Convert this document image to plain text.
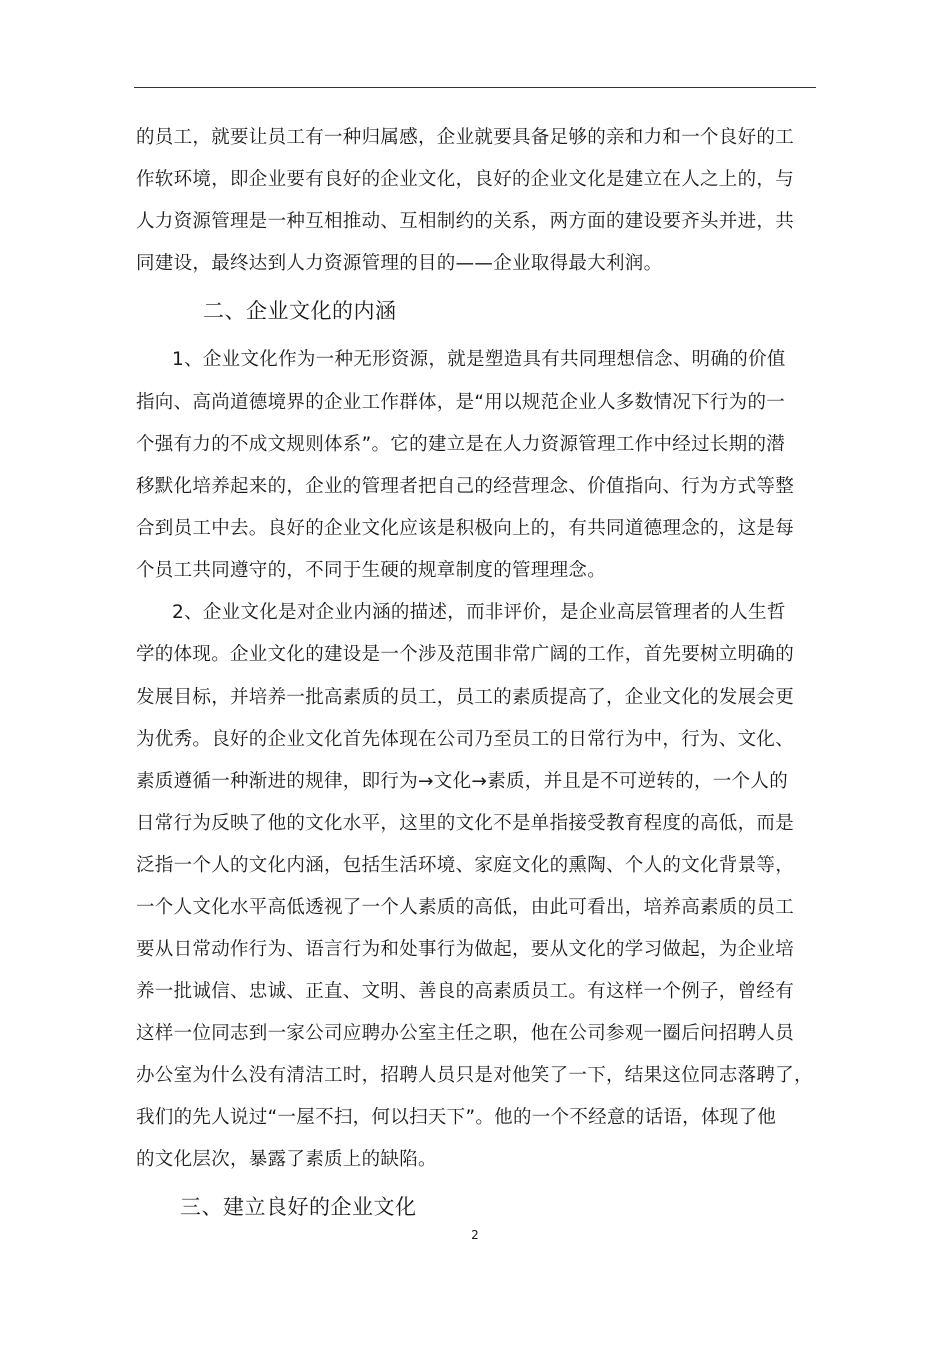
的员工，就要让员工有一种归属感，企业就要具备足够的亲和力和一个良好的工
作软环境，即企业要有良好的企业文化，良好的企业文化是建立在人之上的，与
人力资源管理是一种互相推动、互相制约的关系，两方面的建设要齐头并进，共
同建设，最终达到人力资源管理的目的——企业取得最大利润。
二、企业文化的内涵
1、企业文化作为一种无形资源，就是塑造具有共同理想信念、明确的价值
指向、高尚道德境界的企业工作群体，是“用以规范企业人多数情况下行为的一
个强有力的不成文规则体系”。它的建立是在人力资源管理工作中经过长期的潜
移默化培养起来的，企业的管理者把自己的经营理念、价值指向、行为方式等整
合到员工中去。良好的企业文化应该是积极向上的，有共同道德理念的，这是每
个员工共同遵守的，不同于生硬的规章制度的管理理念。
2、企业文化是对企业内涵的描述，而非评价，是企业高层管理者的人生哲
学的体现。企业文化的建设是一个涉及范围非常广阔的工作，首先要树立明确的
发展目标，并培养一批高素质的员工，员工的素质提高了，企业文化的发展会更
为优秀。良好的企业文化首先体现在公司乃至员工的日常行为中，行为、文化、
素质遵循一种渐进的规律，即行为→文化→素质，并且是不可逆转的，一个人的
日常行为反映了他的文化水平，这里的文化不是单指接受教育程度的高低，而是
泛指一个人的文化内涵，包括生活环境、家庭文化的熏陶、个人的文化背景等，
一个人文化水平高低透视了一个人素质的高低，由此可看出，培养高素质的员工
要从日常动作行为、语言行为和处事行为做起，要从文化的学习做起，为企业培
养一批诚信、忠诚、正直、文明、善良的高素质员工。有这样一个例子，曾经有
这样一位同志到一家公司应聘办公室主任之职，他在公司参观一圈后问招聘人员
办公室为什么没有清洁工时，招聘人员只是对他笑了一下，结果这位同志落聘了，
我们的先人说过“一屋不扫，何以扫天下”。他的一个不经意的话语，体现了他
的文化层次，暴露了素质上的缺陷。
三、建立良好的企业文化
2
